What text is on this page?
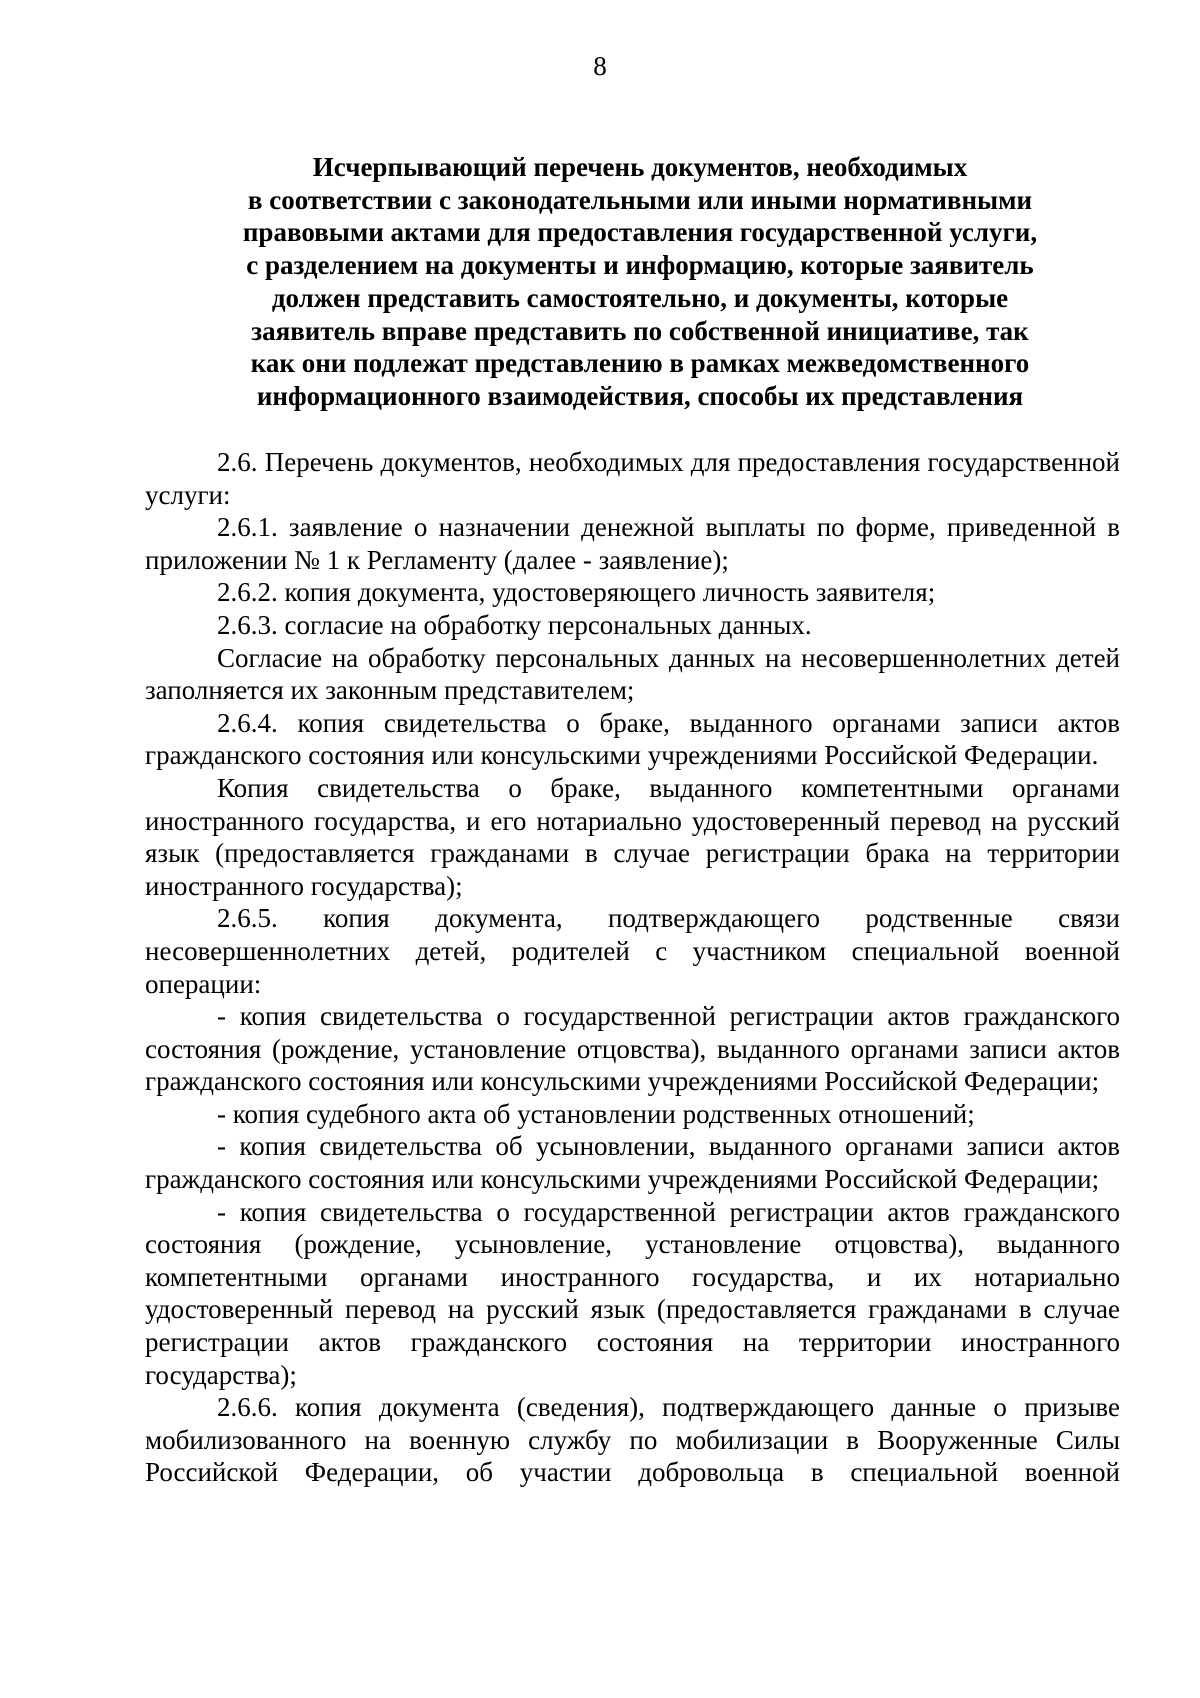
8

Исчерпывающий перечень документов, необходимых
в соответствии с законодательными или иными нормативными
правовыми актами для предоставления государственной услуги,
с разделением на документы и информацию, которые заявитель
должен представить самостоятельно, и документы, которые
заявитель вправе представить по собственной инициативе, так
как они подлежат представлению в рамках межведомственного
информационного взаимодействия, способы их представления

2.6. Перечень документов, необходимых для предоставления государственной услуги:

2.6.1. заявление о назначении денежной выплаты по форме, приведенной в приложении № 1 к Регламенту (далее - заявление);

2.6.2. копия документа, удостоверяющего личность заявителя;

2.6.3. согласие на обработку персональных данных.

Согласие на обработку персональных данных на несовершеннолетних детей заполняется их законным представителем;

2.6.4. копия свидетельства о браке, выданного органами записи актов гражданского состояния или консульскими учреждениями Российской Федерации.

Копия свидетельства о браке, выданного компетентными органами иностранного государства, и его нотариально удостоверенный перевод на русский язык (предоставляется гражданами в случае регистрации брака на территории иностранного государства);

2.6.5. копия документа, подтверждающего родственные связи несовершеннолетних детей, родителей с участником специальной военной операции:

- копия свидетельства о государственной регистрации актов гражданского состояния (рождение, установление отцовства), выданного органами записи актов гражданского состояния или консульскими учреждениями Российской Федерации;

- копия судебного акта об установлении родственных отношений;

- копия свидетельства об усыновлении, выданного органами записи актов гражданского состояния или консульскими учреждениями Российской Федерации;

- копия свидетельства о государственной регистрации актов гражданского состояния (рождение, усыновление, установление отцовства), выданного компетентными органами иностранного государства, и их нотариально удостоверенный перевод на русский язык (предоставляется гражданами в случае регистрации актов гражданского состояния на территории иностранного государства);

2.6.6. копия документа (сведения), подтверждающего данные о призыве мобилизованного на военную службу по мобилизации в Вооруженные Силы Российской Федерации, об участии добровольца в специальной военной
